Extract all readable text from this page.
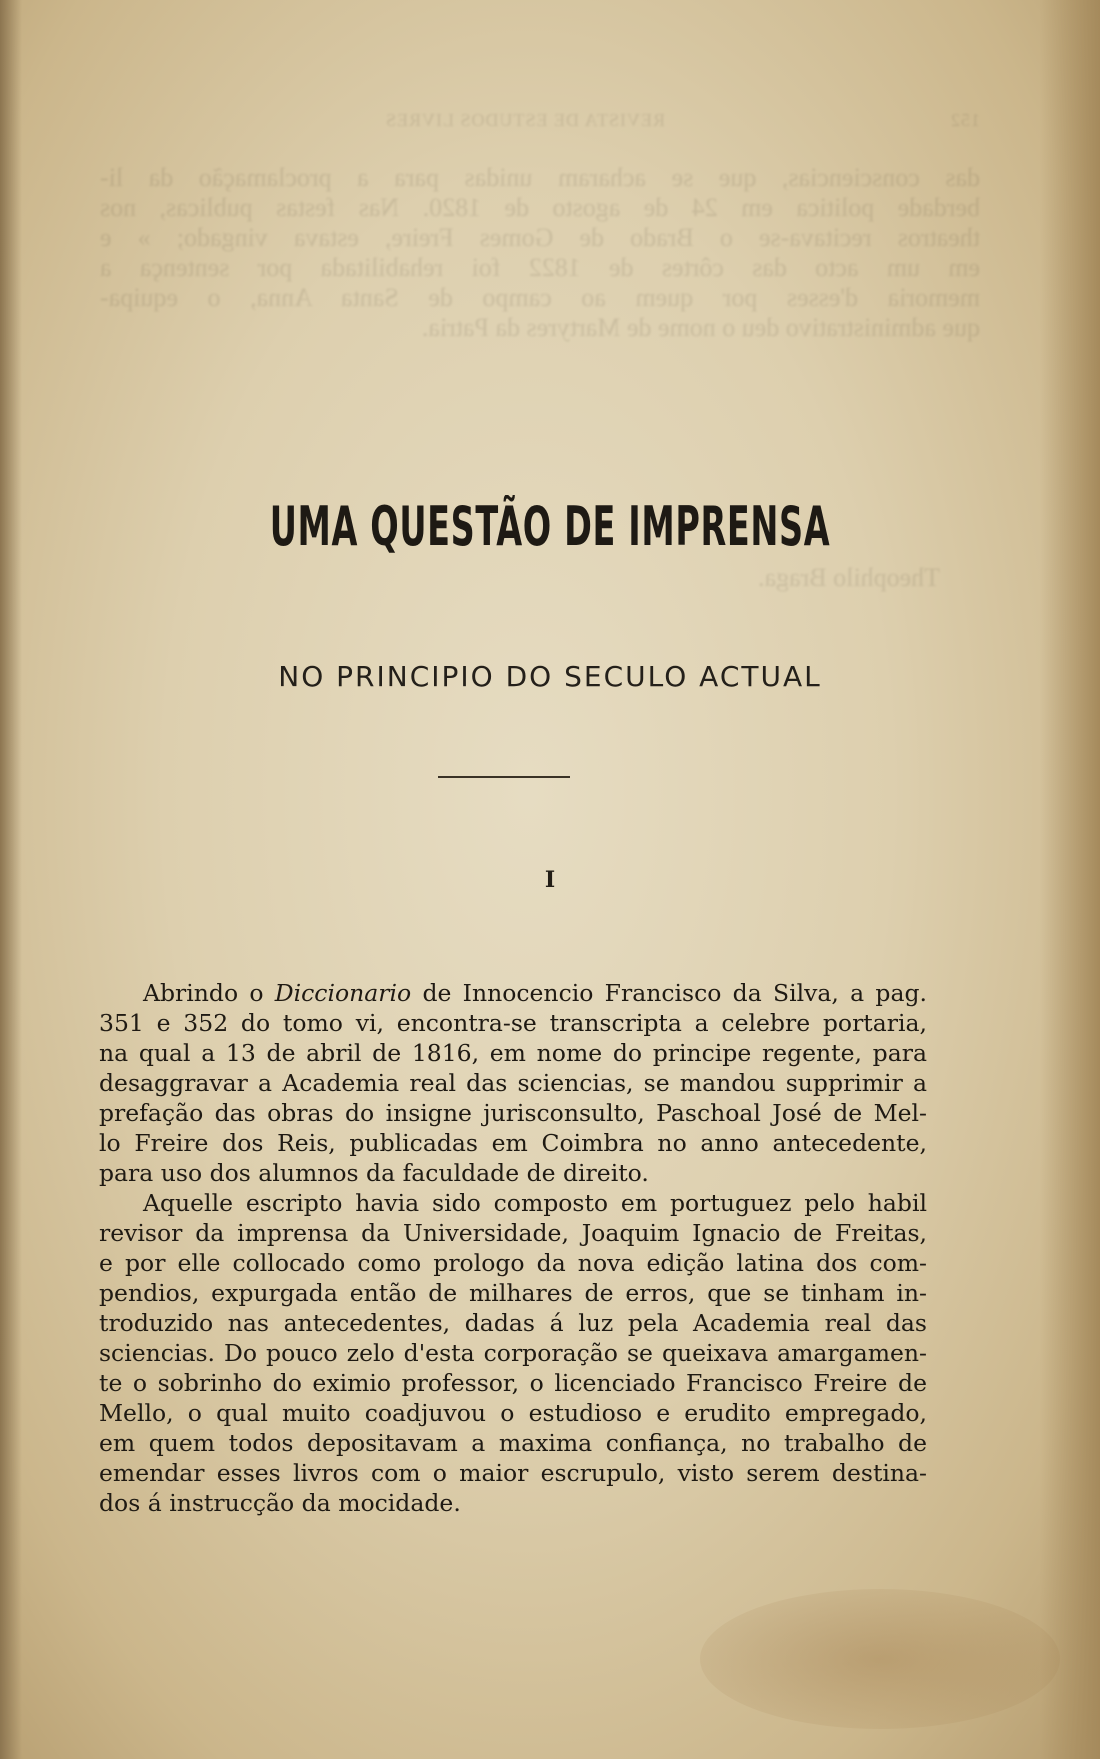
REVISTA DE ESTUDOS LIVRES	152
das consciencias, que se acharam unidas para a proclamação da li-
berdade politica em 24 de agosto de 1820. Nas festas publicas, nos
theatros recitava-se o Brado de Gomes Freire, estava vingado; » e
em um acto das côrtes de 1822 foi rehabilitada por sentença a
memoria d'esses por quem ao campo de Santa Anna, o equipa-
que administrativo deu o nome de Martyres da Patria.
Theophilo Braga.
UMA QUESTÃO DE IMPRENSA
NO PRINCIPIO DO SECULO ACTUAL
I
Abrindo o Diccionario de Innocencio Francisco da Silva, a pag.
351 e 352 do tomo vi, encontra-se transcripta a celebre portaria,
na qual a 13 de abril de 1816, em nome do principe regente, para
desaggravar a Academia real das sciencias, se mandou supprimir a
prefação das obras do insigne jurisconsulto, Paschoal José de Mel-
lo Freire dos Reis, publicadas em Coimbra no anno antecedente,
para uso dos alumnos da faculdade de direito.
Aquelle escripto havia sido composto em portuguez pelo habil
revisor da imprensa da Universidade, Joaquim Ignacio de Freitas,
e por elle collocado como prologo da nova edição latina dos com-
pendios, expurgada então de milhares de erros, que se tinham in-
troduzido nas antecedentes, dadas á luz pela Academia real das
sciencias. Do pouco zelo d'esta corporação se queixava amargamen-
te o sobrinho do eximio professor, o licenciado Francisco Freire de
Mello, o qual muito coadjuvou o estudioso e erudito empregado,
em quem todos depositavam a maxima confiança, no trabalho de
emendar esses livros com o maior escrupulo, visto serem destina-
dos á instrucção da mocidade.
